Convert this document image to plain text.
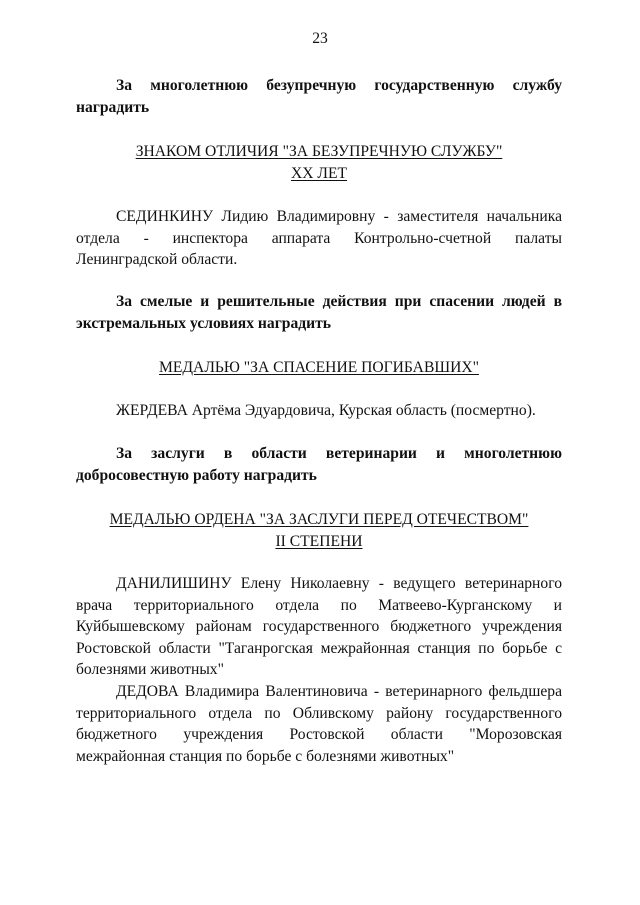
23
За многолетнюю безупречную государственную службу наградить
ЗНАКОМ ОТЛИЧИЯ "ЗА БЕЗУПРЕЧНУЮ СЛУЖБУ"
XX ЛЕТ
СЕДИНКИНУ Лидию Владимировну - заместителя начальника отдела - инспектора аппарата Контрольно-счетной палаты Ленинградской области.
За смелые и решительные действия при спасении людей в экстремальных условиях наградить
МЕДАЛЬЮ "ЗА СПАСЕНИЕ ПОГИБАВШИХ"
ЖЕРДЕВА Артёма Эдуардовича, Курская область (посмертно).
За заслуги в области ветеринарии и многолетнюю добросовестную работу наградить
МЕДАЛЬЮ ОРДЕНА "ЗА ЗАСЛУГИ ПЕРЕД ОТЕЧЕСТВОМ"
II СТЕПЕНИ
ДАНИЛИШИНУ Елену Николаевну - ведущего ветеринарного врача территориального отдела по Матвеево-Курганскому и Куйбышевскому районам государственного бюджетного учреждения Ростовской области "Таганрогская межрайонная станция по борьбе с болезнями животных"
ДЕДОВА Владимира Валентиновича - ветеринарного фельдшера территориального отдела по Обливскому району государственного бюджетного учреждения Ростовской области "Морозовская межрайонная станция по борьбе с болезнями животных"
